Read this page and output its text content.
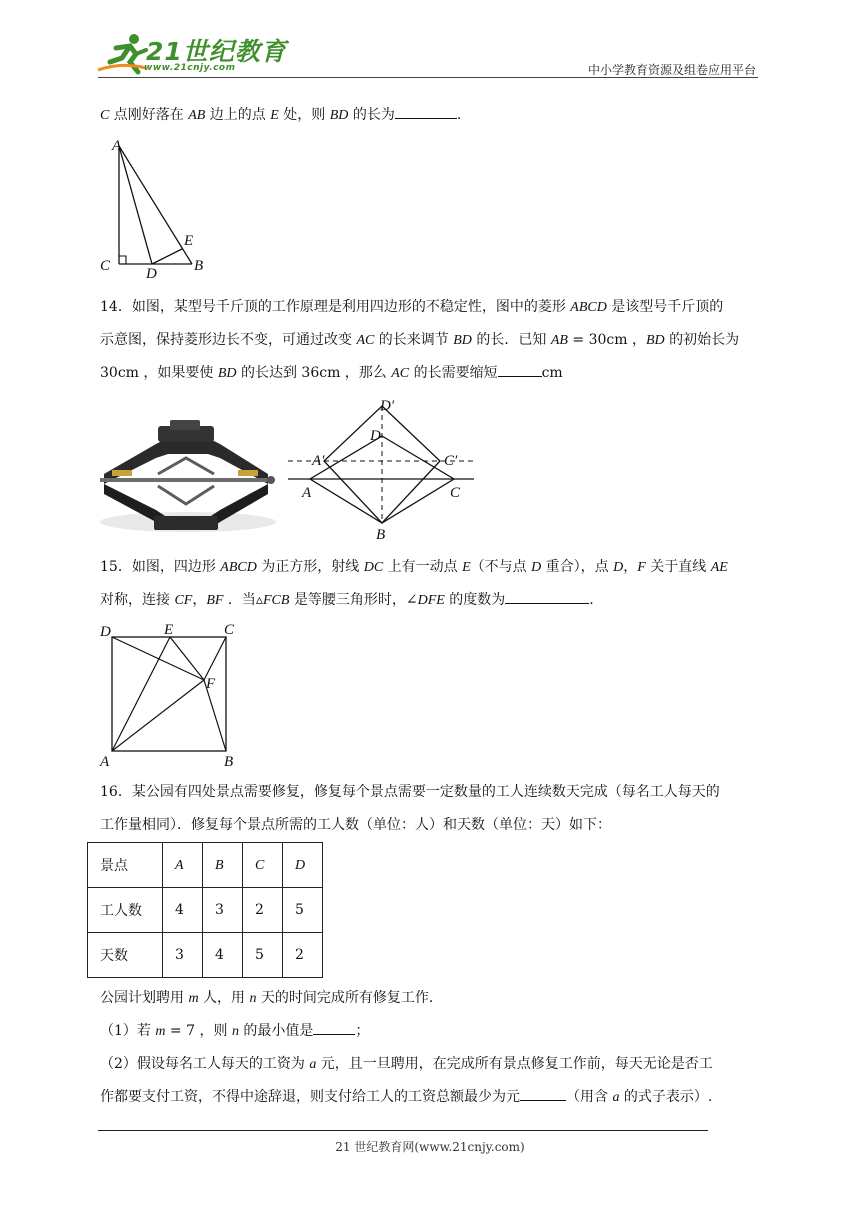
21世纪教育
www.21cnjy.com	中小学教育资源及组卷应用平台
C 点刚好落在 AB 边上的点 E 处，则 BD 的长为	.
A
C D
E
B
14．如图，某型号千斤顶的工作原理是利用四边形的不稳定性，图中的菱形 ABCD 是该型号千斤顶的
示意图，保持菱形边长不变，可通过改变 AC 的长来调节 BD 的长．已知 AB = 30cm ，BD 的初始长为
30cm ，如果要使 BD 的长达到 36cm ，那么 AC 的长需要缩短	cm
D′
D
A′	C′
A	C
B
15．如图，四边形 ABCD 为正方形，射线 DC 上有一动点 E（不与点 D 重合），点 D，F 关于直线 AE
对称，连接 CF，BF ．当▵FCB 是等腰三角形时，∠DFE 的度数为	.
D	E	C
F
A	B
16．某公园有四处景点需要修复，修复每个景点需要一定数量的工人连续数天完成（每名工人每天的
工作量相同）．修复每个景点所需的工人数（单位：人）和天数（单位：天）如下：
景点	A	B	C	D
工人数	4	3	2	5
天数	3	4	5	2
公园计划聘用 m 人，用 n 天的时间完成所有修复工作．
（1）若 m = 7 ，则 n 的最小值是	；
（2）假设每名工人每天的工资为 a 元，且一旦聘用，在完成所有景点修复工作前，每天无论是否工
作都要支付工资，不得中途辞退，则支付给工人的工资总额最少为元	（用含 a 的式子表示）.
21 世纪教育网(www.21cnjy.com)
